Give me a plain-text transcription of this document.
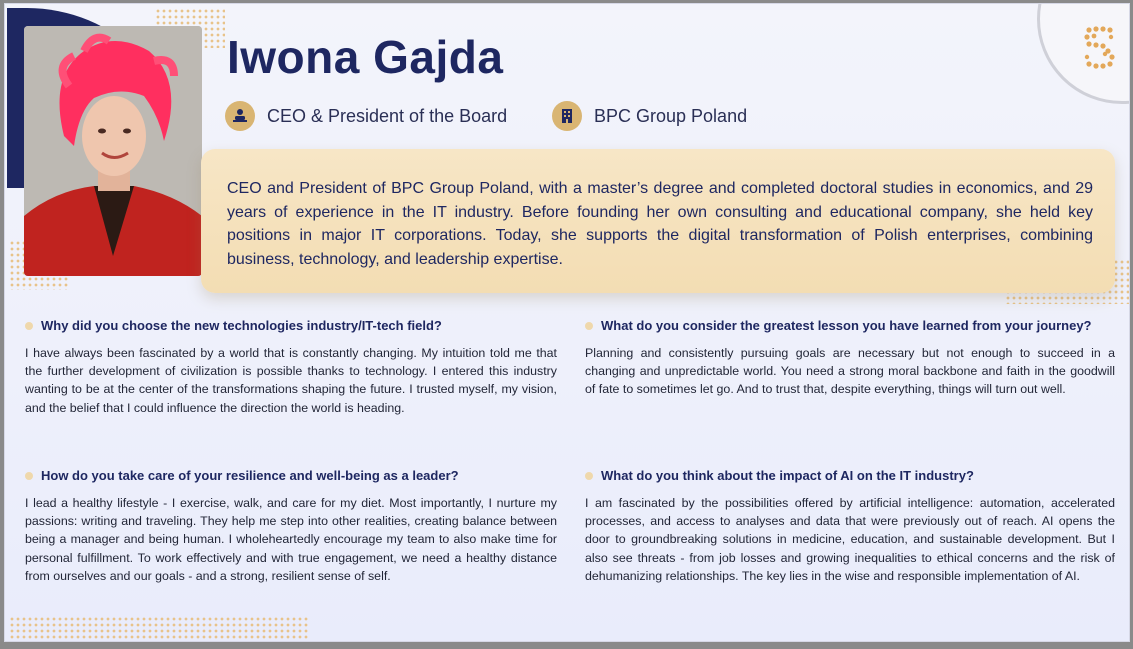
Iwona Gajda
CEO & President of the Board	BPC Group Poland
CEO and President of BPC Group Poland, with a master’s degree and completed doctoral studies in economics, and 29 years of experience in the IT industry. Before founding her own consulting and educational company, she held key positions in major IT corporations. Today, she supports the digital transformation of Polish enterprises, combining business, technology, and leadership expertise.
Why did you choose the new technologies industry/IT-tech field?
I have always been fascinated by a world that is constantly changing. My intuition told me that the further development of civilization is possible thanks to technology. I entered this industry wanting to be at the center of the transformations shaping the future. I trusted myself, my vision, and the belief that I could influence the direction the world is heading.
What do you consider the greatest lesson you have learned from your journey?
Planning and consistently pursuing goals are necessary but not enough to succeed in a changing and unpredictable world. You need a strong moral backbone and faith in the goodwill of fate to sometimes let go. And to trust that, despite everything, things will turn out well.
How do you take care of your resilience and well-being as a leader?
I lead a healthy lifestyle - I exercise, walk, and care for my diet. Most importantly, I nurture my passions: writing and traveling. They help me step into other realities, creating balance between being a manager and being human. I wholeheartedly encourage my team to also make time for personal fulfillment. To work effectively and with true engagement, we need a healthy distance from ourselves and our goals - and a strong, resilient sense of self.
What do you think about the impact of AI on the IT industry?
I am fascinated by the possibilities offered by artificial intelligence: automation, accelerated processes, and access to analyses and data that were previously out of reach. AI opens the door to groundbreaking solutions in medicine, education, and sustainable development. But I also see threats - from job losses and growing inequalities to ethical concerns and the risk of dehumanizing relationships. The key lies in the wise and responsible implementation of AI.
